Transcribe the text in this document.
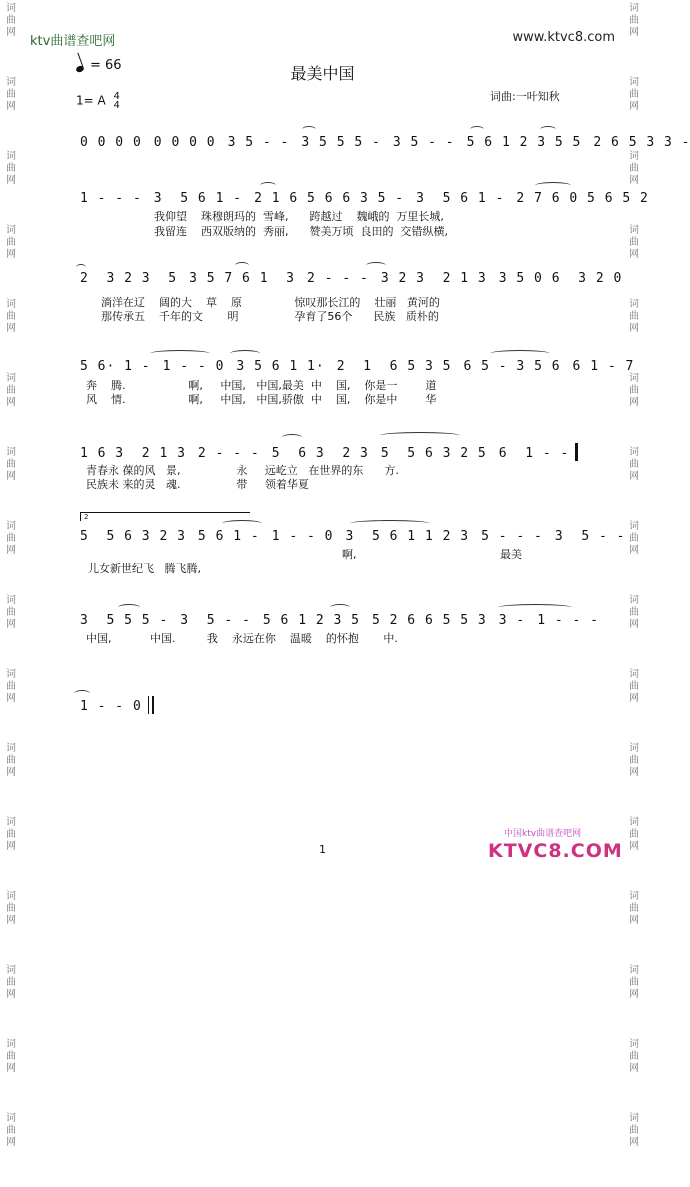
词
曲
网
词
曲
网
词
曲
网
词
曲
网
词
曲
网
词
曲
网
词
曲
网
词
曲
网
词
曲
网
词
曲
网
词
曲
网
词
曲
网
词
曲
网
词
曲
网
词
曲
网
词
曲
网
词
曲
网
词
曲
网
词
曲
网
词
曲
网
词
曲
网
词
曲
网
词
曲
网
词
曲
网
词
曲
网
词
曲
网
词
曲
网
词
曲
网
词
曲
网
词
曲
网
词
曲
网
词
曲
网
ktv曲谱查吧网	www.ktvc8.com
最美中国
= 66
1= A 4
4
词曲:一叶知秋
0 0 0 0 0 0 0 0 3 5 - - 3 5 5 5 - 3 5 - - 5 6 1 2 3 5 5 2 6 5 3 3 -
1 - - - 3  5 6 1 - 2 1 6 5 6 6 3 5 - 3  5 6 1 - 2 7 6 0 5 6 5 2
2  3 2 3  5 3 5 7 6 1  3 2 - - - 3 2 3  2 1 3 3 5 0 6  3 2 0
5 6· 1 - 1 - - 0 3 5 6 1 1· 2  1  6 5 3 5 6 5 - 3 5 6 6 1 - 7
1 6 3  2 1 3 2 - - - 5  6 3  2 3 5  5 6 3 2 5 6  1 - -
5  5 6 3 2 3 5 6 1 - 1 - - 0 3  5 6 1 1 2 3 5 - - - 3  5 - -
3  5 5 5 - 3  5 - - 5 6 1 2 3 5 5 2 6 6 5 5 3 3 - 1 - - -
1 - - 0
2
我仰望    珠穆朗玛的  雪峰,      跨越过    魏峨的  万里长城,
我留连    西双版纳的  秀丽,      赞美万顷  良田的  交错纵横,
淌洋在辽    阔的大    草    原               惊叹那长江的    壮丽   黄河的
那传承五    千年的文       明                孕育了56个      民族   质朴的
奔    腾.                  啊,     中国,   中国,最美  中    国,    你是一        道
风    情.                  啊,     中国,   中国,骄傲  中    国,    你是中        华
青春永 葆的风   景,                永     远屹立   在世界的东      方.
民族未 来的灵   魂.                带     领着华夏
儿女新世纪飞   腾飞腾,
啊,	最美
中国,           中国.         我    永远在你    温暖    的怀抱       中.
1
中国ktv曲谱查吧网
KTVC8.COM
